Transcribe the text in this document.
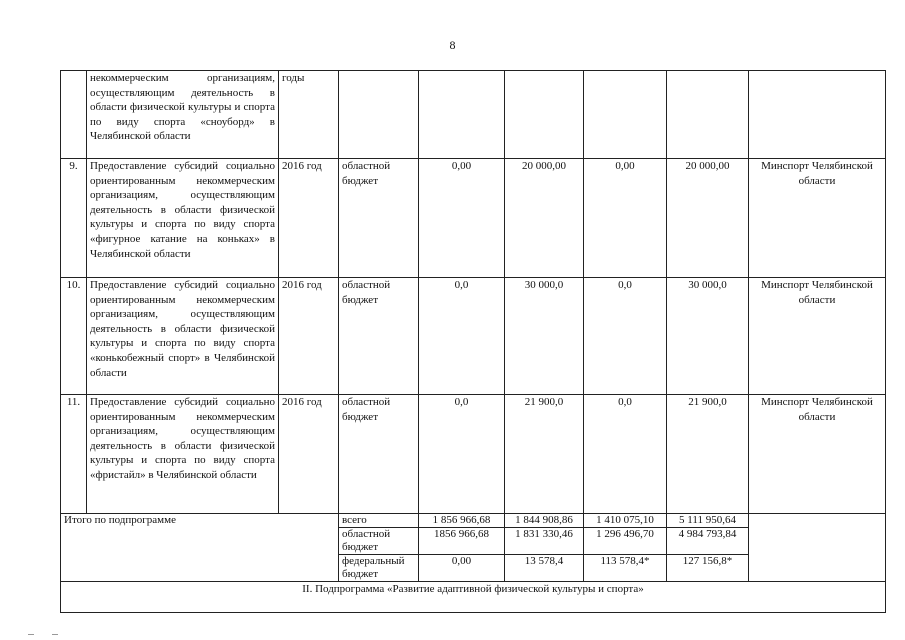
8
	некоммерческим организациям, осуществляющим деятельность в области физической культуры и спорта по виду спорта «сноуборд» в Челябинской области	годы						
9.	Предоставление субсидий социально ориентированным некоммерческим организациям, осуществляющим деятельность в области физической культуры и спорта по виду спорта «фигурное катание на коньках» в Челябинской области	2016 год	областной бюджет	0,00	20 000,00	0,00	20 000,00	Минспорт Челябинской области
10.	Предоставление субсидий социально ориентированным некоммерческим организациям, осуществляющим деятельность в области физической культуры и спорта по виду спорта «конькобежный спорт» в Челябинской области	2016 год	областной бюджет	0,0	30 000,0	0,0	30 000,0	Минспорт Челябинской области
11.	Предоставление субсидий социально ориентированным некоммерческим организациям, осуществляющим деятельность в области физической культуры и спорта по виду спорта «фристайл» в Челябинской области	2016 год	областной бюджет	0,0	21 900,0	0,0	21 900,0	Минспорт Челябинской области
Итого по подпрограмме			всего	1 856 966,68	1 844 908,86	1 410 075,10	5 111 950,64	
			областной бюджет	1856 966,68	1 831 330,46	1 296 496,70	4 984 793,84	
			федеральный бюджет	0,00	13 578,4	113 578,4*	127 156,8*	
II. Подпрограмма «Развитие адаптивной физической культуры и спорта»								
